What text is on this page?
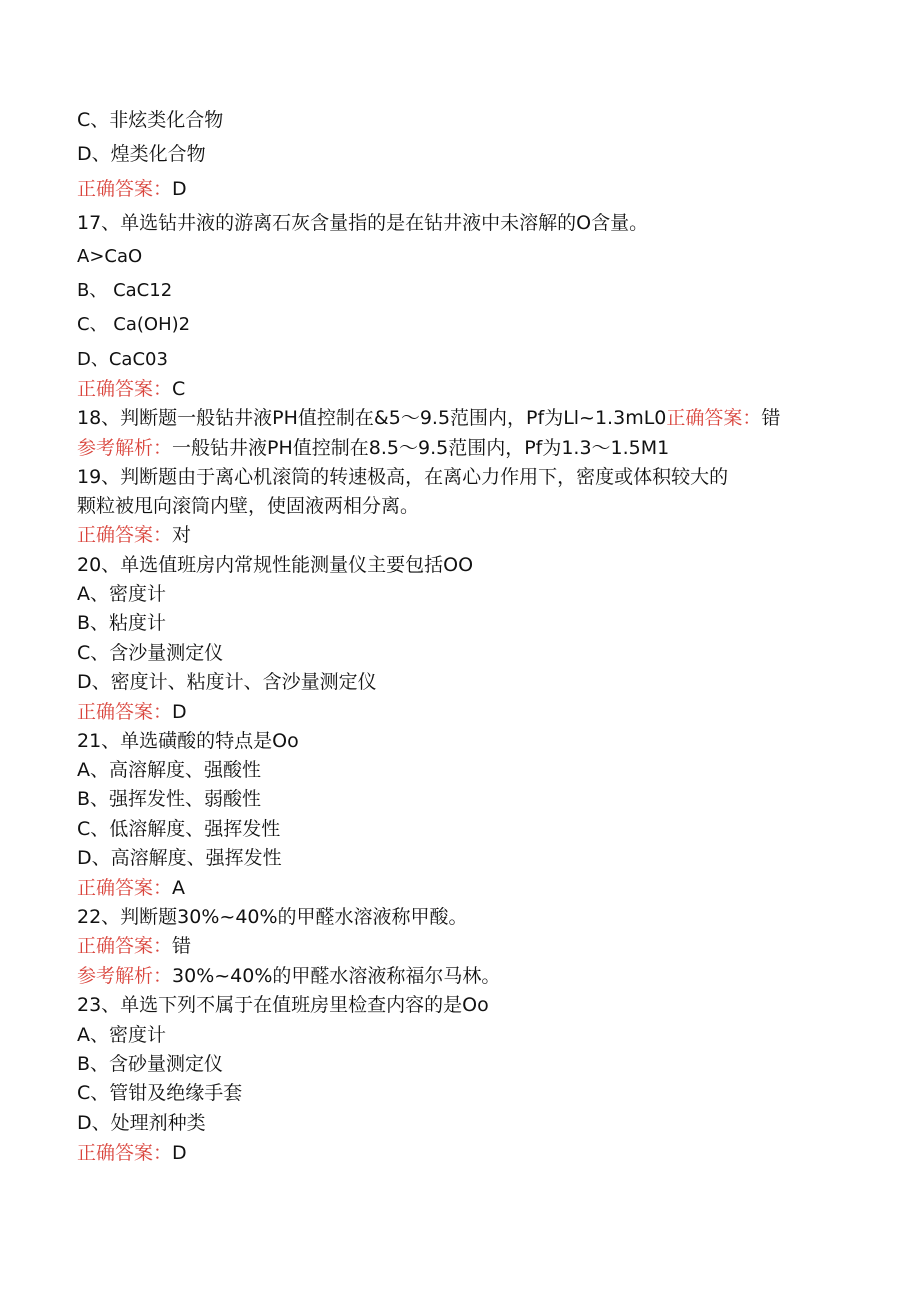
C、非炫类化合物
D、煌类化合物
正确答案：D
17、单选钻井液的游离石灰含量指的是在钻井液中未溶解的O含量。
A>CaO
B、 CaC12
C、 Ca(OH)2
D、CaC03
正确答案：C
18、判断题一般钻井液PH值控制在&5〜9.5范围内，Pf为Ll~1.3mL0正确答案：错
参考解析：一般钻井液PH值控制在8.5〜9.5范围内，Pf为1.3〜1.5M1
19、判断题由于离心机滚筒的转速极高，在离心力作用下，密度或体积较大的
颗粒被甩向滚筒内壁，使固液两相分离。
正确答案：对
20、单选值班房内常规性能测量仪主要包括OO
A、密度计
B、粘度计
C、含沙量测定仪
D、密度计、粘度计、含沙量测定仪
正确答案：D
21、单选磺酸的特点是Oo
A、高溶解度、强酸性
B、强挥发性、弱酸性
C、低溶解度、强挥发性
D、高溶解度、强挥发性
正确答案：A
22、判断题30%~40%的甲醛水溶液称甲酸。
正确答案：错
参考解析：30%~40%的甲醛水溶液称福尔马林。
23、单选下列不属于在值班房里检查内容的是Oo
A、密度计
B、含砂量测定仪
C、管钳及绝缘手套
D、处理剂种类
正确答案：D
